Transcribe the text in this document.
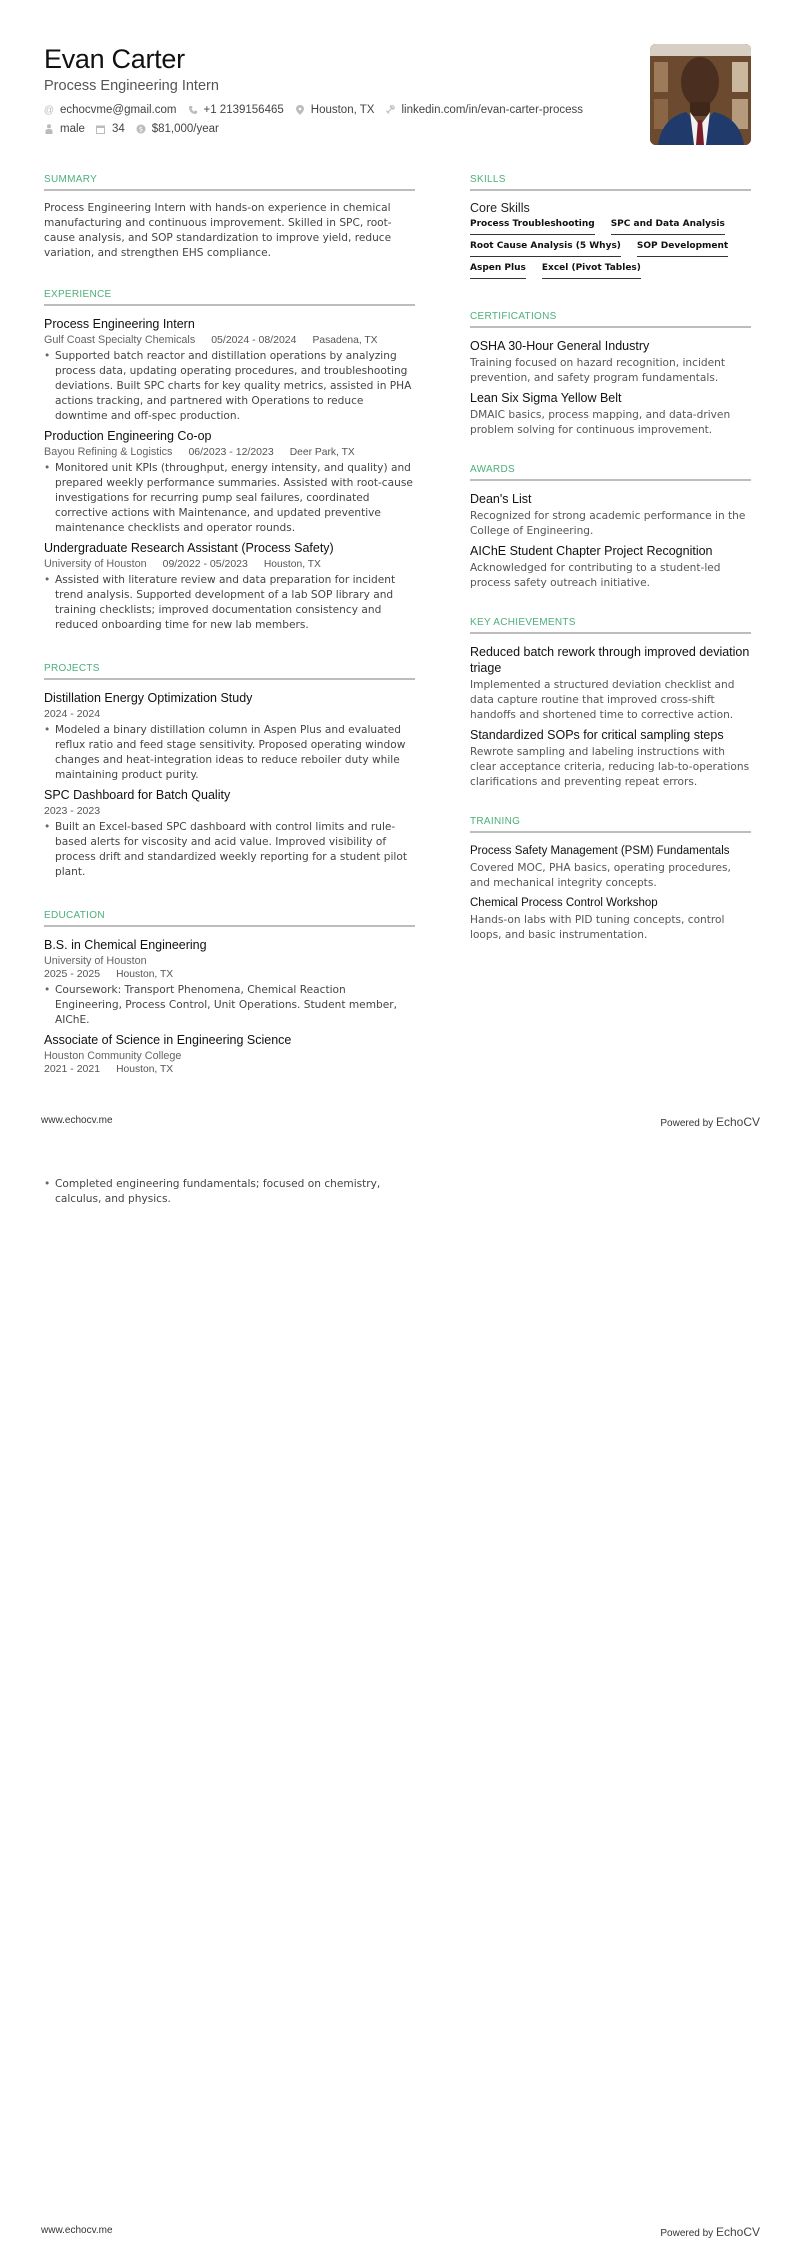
Evan Carter
Process Engineering Intern
@ echocvme@gmail.com +1 2139156465 Houston, TX linkedin.com/in/evan-carter-process
male 34 $ $81,000/year
SUMMARY
Process Engineering Intern with hands-on experience in chemical manufacturing and continuous improvement. Skilled in SPC, root-cause analysis, and SOP standardization to improve yield, reduce variation, and strengthen EHS compliance.
EXPERIENCE
Process Engineering Intern
Gulf Coast Specialty Chemicals 05/2024 - 08/2024 Pasadena, TX
• Supported batch reactor and distillation operations by analyzing process data, updating operating procedures, and troubleshooting deviations. Built SPC charts for key quality metrics, assisted in PHA actions tracking, and partnered with Operations to reduce downtime and off-spec production.
Production Engineering Co-op
Bayou Refining & Logistics 06/2023 - 12/2023 Deer Park, TX
• Monitored unit KPIs (throughput, energy intensity, and quality) and prepared weekly performance summaries. Assisted with root-cause investigations for recurring pump seal failures, coordinated corrective actions with Maintenance, and updated preventive maintenance checklists and operator rounds.
Undergraduate Research Assistant (Process Safety)
University of Houston 09/2022 - 05/2023 Houston, TX
• Assisted with literature review and data preparation for incident trend analysis. Supported development of a lab SOP library and training checklists; improved documentation consistency and reduced onboarding time for new lab members.
PROJECTS
Distillation Energy Optimization Study
2024 - 2024
• Modeled a binary distillation column in Aspen Plus and evaluated reflux ratio and feed stage sensitivity. Proposed operating window changes and heat-integration ideas to reduce reboiler duty while maintaining product purity.
SPC Dashboard for Batch Quality
2023 - 2023
• Built an Excel-based SPC dashboard with control limits and rule-based alerts for viscosity and acid value. Improved visibility of process drift and standardized weekly reporting for a student pilot plant.
EDUCATION
B.S. in Chemical Engineering
University of Houston
2025 - 2025 Houston, TX
• Coursework: Transport Phenomena, Chemical Reaction Engineering, Process Control, Unit Operations. Student member, AIChE.
Associate of Science in Engineering Science
Houston Community College
2021 - 2021 Houston, TX
SKILLS
Core Skills
Process Troubleshooting SPC and Data Analysis
Root Cause Analysis (5 Whys) SOP Development
Aspen Plus Excel (Pivot Tables)
CERTIFICATIONS
OSHA 30-Hour General Industry
Training focused on hazard recognition, incident prevention, and safety program fundamentals.
Lean Six Sigma Yellow Belt
DMAIC basics, process mapping, and data-driven problem solving for continuous improvement.
AWARDS
Dean's List
Recognized for strong academic performance in the College of Engineering.
AIChE Student Chapter Project Recognition
Acknowledged for contributing to a student-led process safety outreach initiative.
KEY ACHIEVEMENTS
Reduced batch rework through improved deviation triage
Implemented a structured deviation checklist and data capture routine that improved cross-shift handoffs and shortened time to corrective action.
Standardized SOPs for critical sampling steps
Rewrote sampling and labeling instructions with clear acceptance criteria, reducing lab-to-operations clarifications and preventing repeat errors.
TRAINING
Process Safety Management (PSM) Fundamentals
Covered MOC, PHA basics, operating procedures, and mechanical integrity concepts.
Chemical Process Control Workshop
Hands-on labs with PID tuning concepts, control loops, and basic instrumentation.
www.echocv.me	Powered by EchoCV
• Completed engineering fundamentals; focused on chemistry, calculus, and physics.
www.echocv.me	Powered by EchoCV
